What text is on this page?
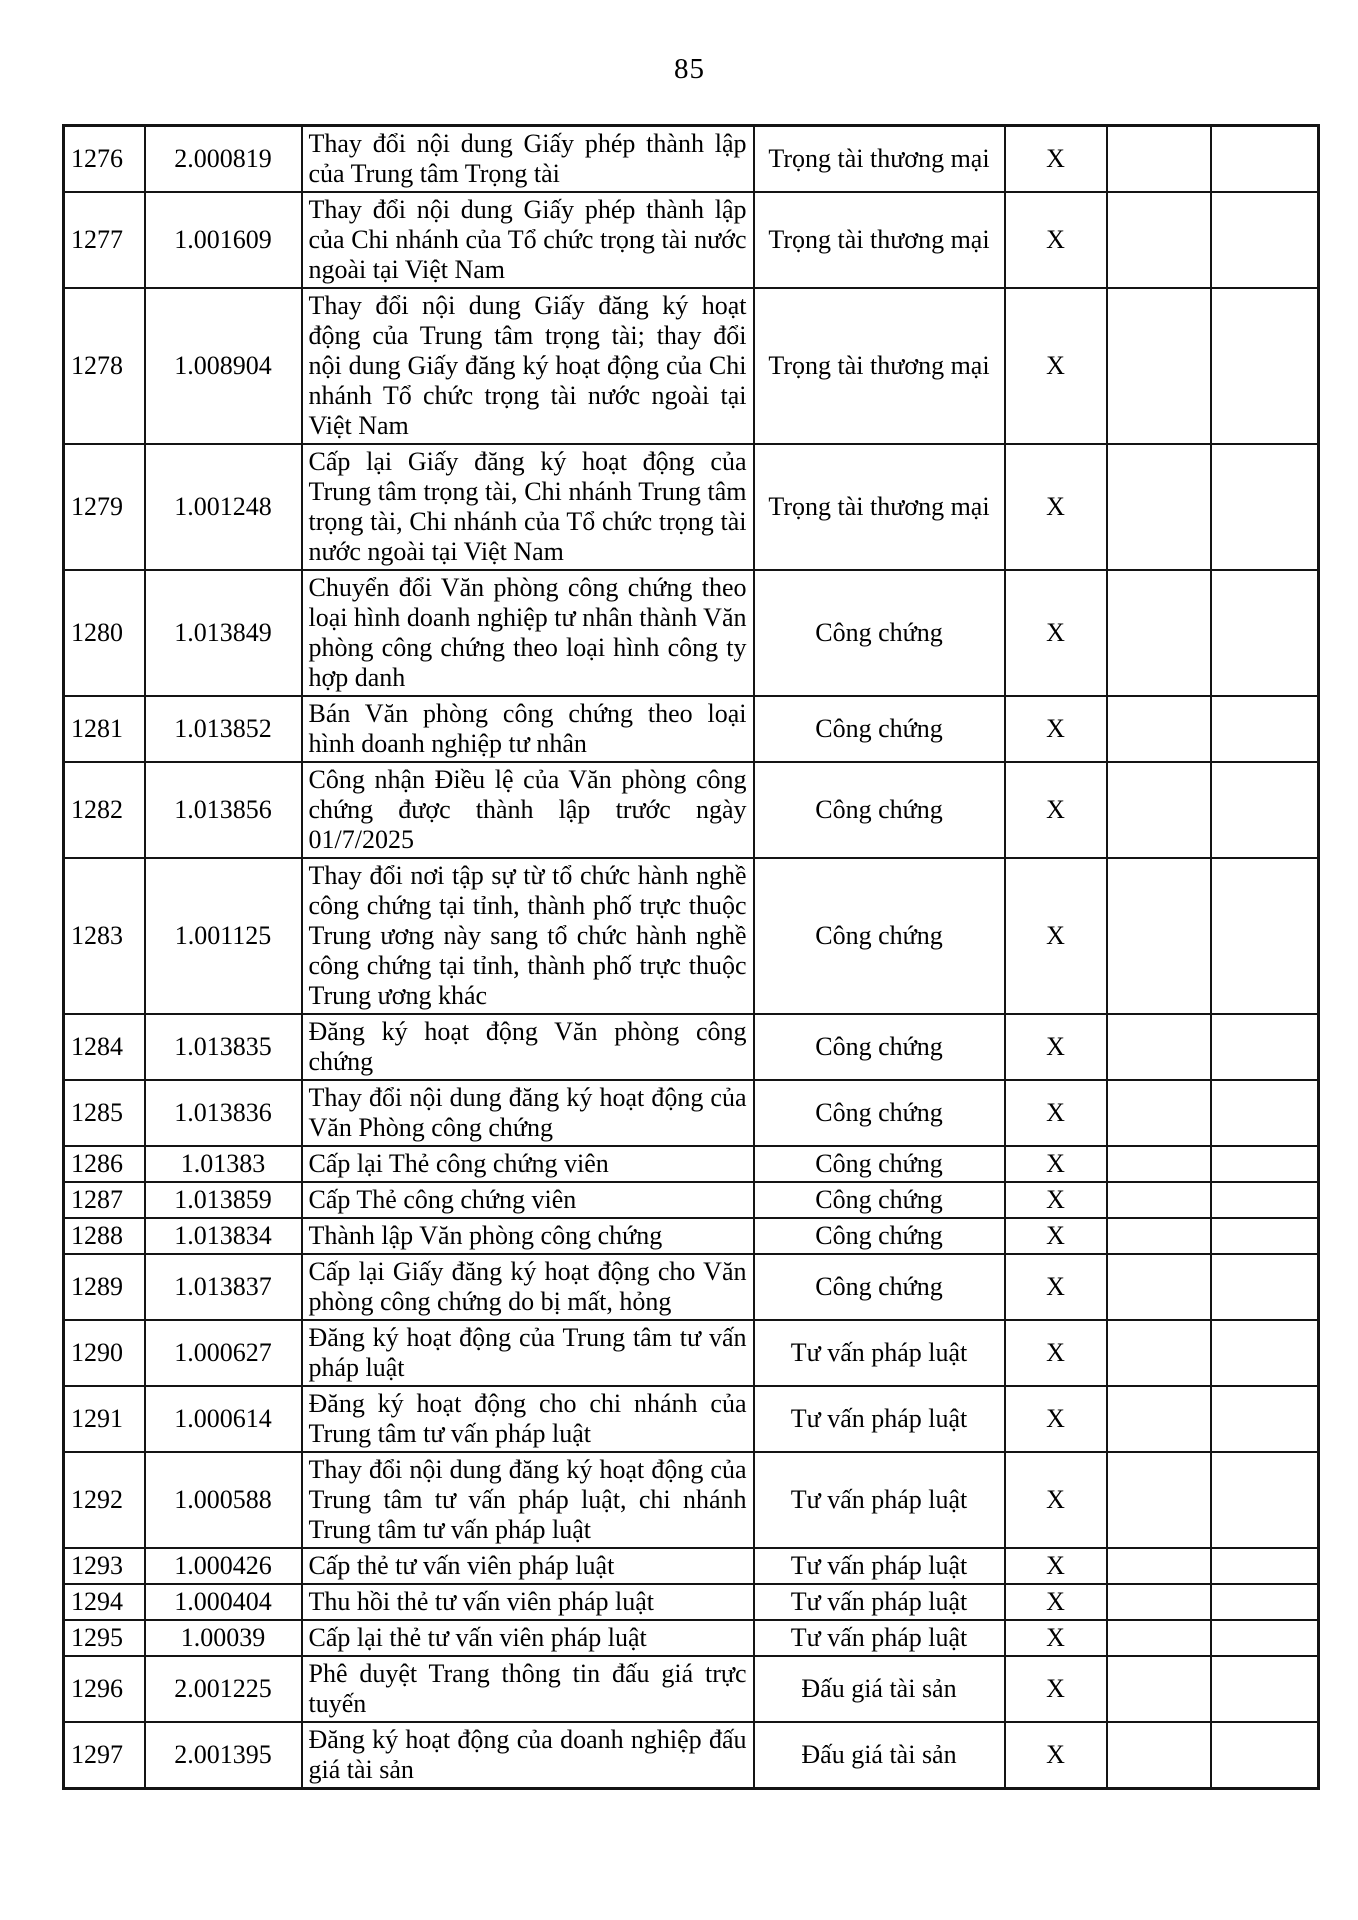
85
1276	2.000819	Thay đổi nội dung Giấy phép thành lập của Trung tâm Trọng tài	Trọng tài thương mại	X		
1277	1.001609	Thay đổi nội dung Giấy phép thành lập của Chi nhánh của Tổ chức trọng tài nước ngoài tại Việt Nam	Trọng tài thương mại	X		
1278	1.008904	Thay đổi nội dung Giấy đăng ký hoạt động của Trung tâm trọng tài; thay đổi nội dung Giấy đăng ký hoạt động của Chi nhánh Tổ chức trọng tài nước ngoài tại Việt Nam	Trọng tài thương mại	X		
1279	1.001248	Cấp lại Giấy đăng ký hoạt động của Trung tâm trọng tài, Chi nhánh Trung tâm trọng tài, Chi nhánh của Tổ chức trọng tài nước ngoài tại Việt Nam	Trọng tài thương mại	X		
1280	1.013849	Chuyển đổi Văn phòng công chứng theo loại hình doanh nghiệp tư nhân thành Văn phòng công chứng theo loại hình công ty hợp danh	Công chứng	X		
1281	1.013852	Bán Văn phòng công chứng theo loại hình doanh nghiệp tư nhân	Công chứng	X		
1282	1.013856	Công nhận Điều lệ của Văn phòng công chứng được thành lập trước ngày 01/7/2025	Công chứng	X		
1283	1.001125	Thay đổi nơi tập sự từ tổ chức hành nghề công chứng tại tỉnh, thành phố trực thuộc Trung ương này sang tổ chức hành nghề công chứng tại tỉnh, thành phố trực thuộc Trung ương khác	Công chứng	X		
1284	1.013835	Đăng ký hoạt động Văn phòng công chứng	Công chứng	X		
1285	1.013836	Thay đổi nội dung đăng ký hoạt động của Văn Phòng công chứng	Công chứng	X		
1286	1.01383	Cấp lại Thẻ công chứng viên	Công chứng	X		
1287	1.013859	Cấp Thẻ công chứng viên	Công chứng	X		
1288	1.013834	Thành lập Văn phòng công chứng	Công chứng	X		
1289	1.013837	Cấp lại Giấy đăng ký hoạt động cho Văn phòng công chứng do bị mất, hỏng	Công chứng	X		
1290	1.000627	Đăng ký hoạt động của Trung tâm tư vấn pháp luật	Tư vấn pháp luật	X		
1291	1.000614	Đăng ký hoạt động cho chi nhánh của Trung tâm tư vấn pháp luật	Tư vấn pháp luật	X		
1292	1.000588	Thay đổi nội dung đăng ký hoạt động của Trung tâm tư vấn pháp luật, chi nhánh Trung tâm tư vấn pháp luật	Tư vấn pháp luật	X		
1293	1.000426	Cấp thẻ tư vấn viên pháp luật	Tư vấn pháp luật	X		
1294	1.000404	Thu hồi thẻ tư vấn viên pháp luật	Tư vấn pháp luật	X		
1295	1.00039	Cấp lại thẻ tư vấn viên pháp luật	Tư vấn pháp luật	X		
1296	2.001225	Phê duyệt Trang thông tin đấu giá trực tuyến	Đấu giá tài sản	X		
1297	2.001395	Đăng ký hoạt động của doanh nghiệp đấu giá tài sản	Đấu giá tài sản	X		
